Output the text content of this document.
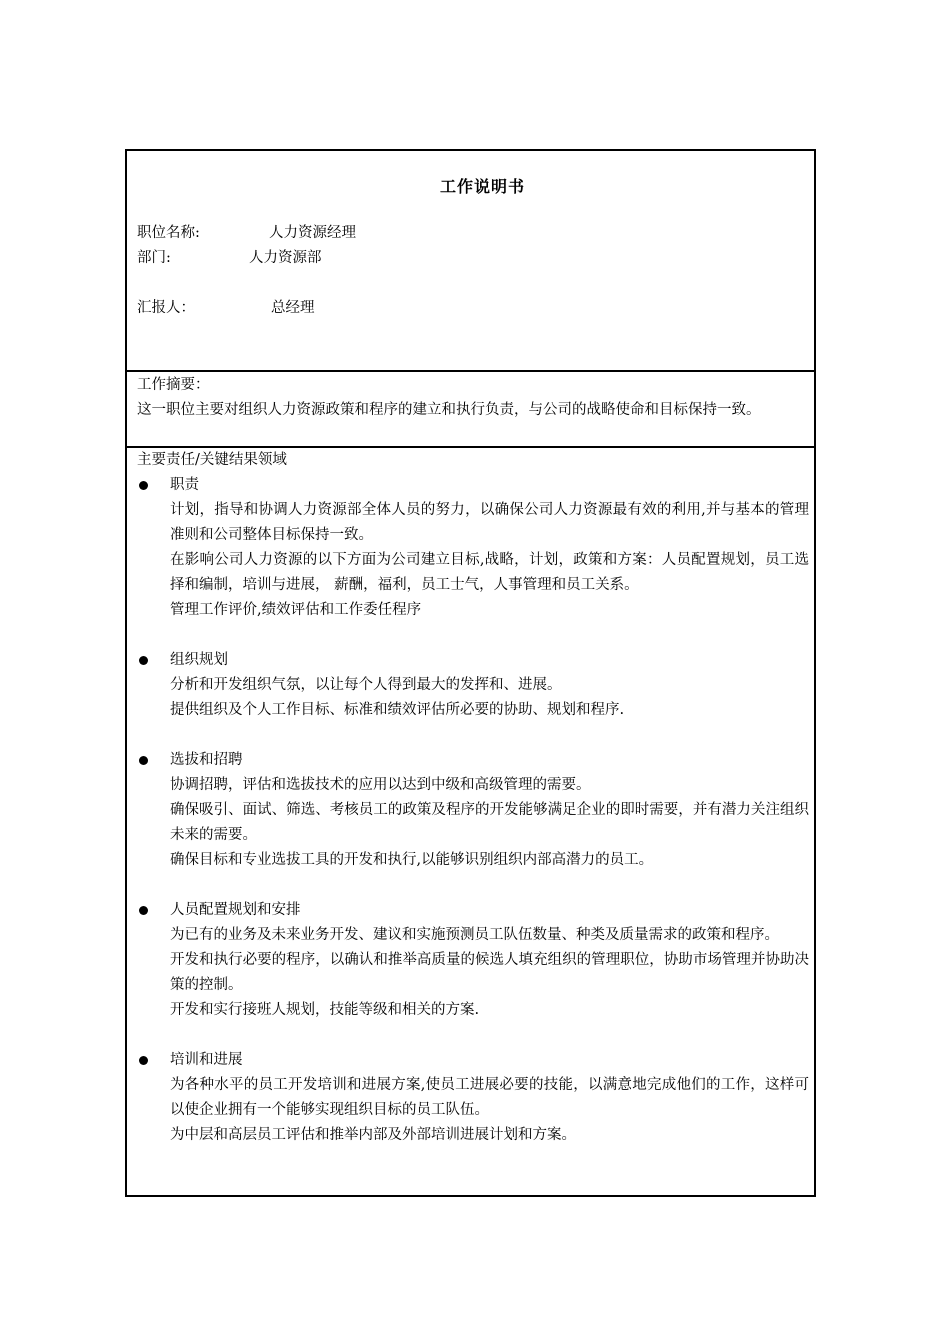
工作说明书
职位名称:	人力资源经理
部门:	人力资源部
汇报人：	总经理
工作摘要：
这一职位主要对组织人力资源政策和程序的建立和执行负责，与公司的战略使命和目标保持一致。
主要责任/关键结果领域
职责

计划，指导和协调人力资源部全体人员的努力，以确保公司人力资源最有效的利用,并与基本的管理准则和公司整体目标保持一致。

在影响公司人力资源的以下方面为公司建立目标,战略，计划，政策和方案：人员配置规划，员工选择和编制，培训与进展， 薪酬，福利，员工士气，人事管理和员工关系。

管理工作评价,绩效评估和工作委任程序

组织规划

分析和开发组织气氛，以让每个人得到最大的发挥和、进展。

提供组织及个人工作目标、标准和绩效评估所必要的协助、规划和程序.

选拔和招聘

协调招聘，评估和选拔技术的应用以达到中级和高级管理的需要。

确保吸引、面试、筛选、考核员工的政策及程序的开发能够满足企业的即时需要，并有潜力关注组织未来的需要。

确保目标和专业选拔工具的开发和执行,以能够识别组织内部高潜力的员工。

人员配置规划和安排

为已有的业务及未来业务开发、建议和实施预测员工队伍数量、种类及质量需求的政策和程序。

开发和执行必要的程序，以确认和推举高质量的候选人填充组织的管理职位，协助市场管理并协助决策的控制。

开发和实行接班人规划，技能等级和相关的方案.

培训和进展

为各种水平的员工开发培训和进展方案,使员工进展必要的技能，以满意地完成他们的工作，这样可以使企业拥有一个能够实现组织目标的员工队伍。

为中层和高层员工评估和推举内部及外部培训进展计划和方案。
